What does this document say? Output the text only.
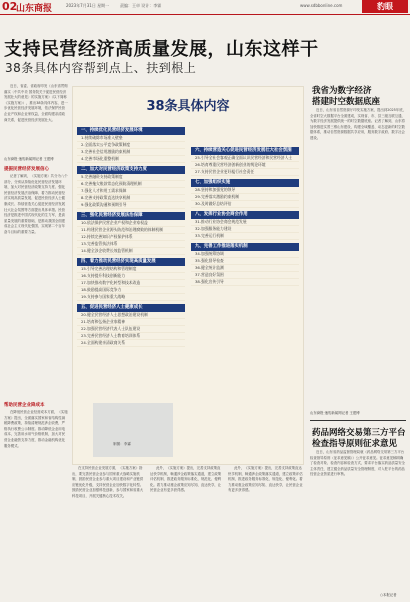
02
山东商报	2023年7月31日 星期一	责编：王卓 设计：李霖	www.sdbbonline.com	豹眼
支持民营经济高质量发展，山东这样干
38条具体内容帮到点上、扶到根上

近日，省委、省政府印发《山东省贯彻落实〈中共中央 国务院关于促进民营经济发展壮大的意见〉的实施方案》（以下简称《实施方案》），推出38条具体内容，进一步优化民营经济发展环境，依法保护民营企业产权和企业家权益，全面构建亲清政商关系，促进民营经济发展壮大。

山东商报·速豹新闻网记者 王建博
提振民营经济发展信心

记者了解到，《实施方案》共分为八个部分，分别从持续优化民营经济发展环境、加大对民营经济政策支持力度、强化民营经济发展法治保障、着力推动民营经济实现高质量发展、促进民营经济人士健康成长、持续营造关心促进民营经济发展壮大社会氛围等方面提出具体举措。民营经济是推进中国式现代化的生力军，是高质量发展的重要基础，是推动我国全面建成社会主义现代化强国、实现第二个百年奋斗目标的重要力量。

帮助民营企业降成本

在降低民营企业经营成本方面，《实施方案》提出，全面落实国家和省结构性减税降费政策，持续清理规范涉企收费，严格执行收费公示制度。推动降低企业用电成本，完善用水用气价格机制，加大对民营企业融资支持力度，推动金融机构优化服务模式。

38条具体内容
一、持续优化民营经济发展环境
1.持续破除市场准入壁垒
2.全面落实公平竞争政策制度
3.完善社会信用激励约束机制
4.完善市场化重整机制
二、加大对民营经济政策支持力度
5.完善融资支持政策制度
6.完善拖欠账款常态化预防清理机制
7.强化人才和用工需求保障
8.完善支持政策直达快享机制
9.强化政策沟通和预期引导
三、强化民营经济发展法治保障
10.依法保护民营企业产权和企业家权益
11.构建民营企业源头防范和治理腐败的体制机制
12.持续完善知识产权保护体系
13.完善监管执法体系
14.健全涉企收费长效监管机制
四、着力推动民营经济实现高质量发展
15.引导完善治理结构和管理制度
16.支持提升科技创新能力
17.加快推动数字化转型和技术改造
18.鼓励提高国际竞争力
19.支持参与国家重大战略
五、促进民营经济人士健康成长
20.健全民营经济人士思想政治建设机制
21.培育和弘扬企业家精神
22.加强民营经济代表人士队伍建设
23.完善民营经济人士教育培训体系
24.全面构建亲清政商关系
六、持续营造关心促进民营经济发展壮大社会氛围
25.引导全社会客观正确全面认识民营经济和民营经济人士
26.培育尊重民营经济创新创业的舆论环境
27.支持民营企业更好履行社会责任
七、加强组织实施
28.坚持和加强党的领导
29.完善落实激励约束机制
30.及时做好总结评估
八、发挥行业协会商会作用
31.推动行业协会商会规范发展
32.加强服务能力建设
33.完善运行机制
九、完善工作推进落实机制
34.加强统筹协调
35.强化督导检查
36.健全统计监测
37.营造良好氛围
38.强化宣传引导
制图：李霖

在支持民营企业发展方面，《实施方案》指出，要完善民营企业参与国家重大战略实施机制，鼓励民营企业参与重大项目建设和产业链供应链优化升级，支持民营企业加快数字化转型。鼓励民营企业加强科技创新，参与国家和省重大科技项目，开展关键核心技术攻关。

此外，《实施方案》提出，完善支持政策直达快享机制，畅通涉企政策落实通道，建立政策评估机制，推进政务服务标准化、规范化、便利化。着力推动惠企政策应知尽知、直达快享，让民营企业有更多获得感。

此外，《实施方案》提出，完善支持政策直达快享机制，畅通涉企政策落实通道，建立政策评估机制，推进政务服务标准化、规范化、便利化。着力推动惠企政策应知尽知、直达快享，让民营企业有更多获得感。

我省为数字经济
搭建时空数据底座

近日，山东省自然资源厅印发实施方案，提出到2025年底，全省时空大数据平台全面建成，实现省、市、县三级互联互通，为数字经济发展提供统一的时空数据底座。记者了解到，山东将加快推进实景三维山东建设，构建全域覆盖、动态更新的时空数据体系，推动自然资源数据共享应用，服务数字政府、数字社会建设。

山东商报·速豹新闻网记者 王建博
药品网络交易第三方平台
检查指导原则征求意见

近日，山东省药品监督管理局就《药品网络交易第三方平台检查指导原则（征求意见稿）》公开征求意见。征求意见稿明确了检查对象、检查内容和检查方式，要求平台落实药品质量安全主体责任，建立健全药品质量安全管理制度，对入驻平台的药品经营企业资质进行审核。

○本报记者
